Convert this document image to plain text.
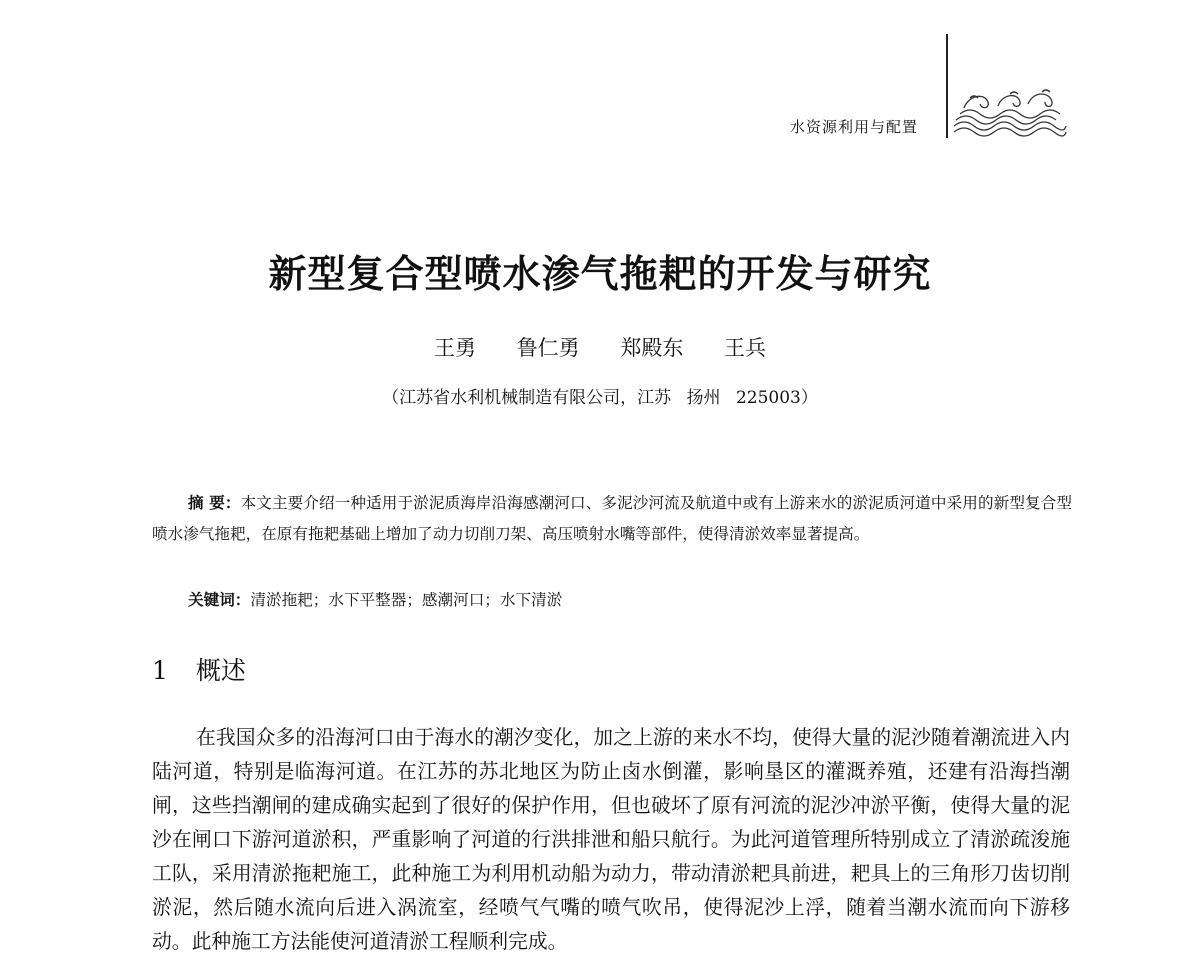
水资源利用与配置
新型复合型喷水渗气拖耙的开发与研究
王勇 鲁仁勇 郑殿东 王兵
（江苏省水利机械制造有限公司，江苏 扬州 225003）
摘 要：本文主要介绍一种适用于淤泥质海岸沿海感潮河口、多泥沙河流及航道中或有上游来水的淤泥质河道中采用的新型复合型喷水渗气拖耙，在原有拖耙基础上增加了动力切削刀架、高压喷射水嘴等部件，使得清淤效率显著提高。
关键词：清淤拖耙；水下平整器；感潮河口；水下清淤
1 概述
在我国众多的沿海河口由于海水的潮汐变化，加之上游的来水不均，使得大量的泥沙随着潮流进入内陆河道，特别是临海河道。在江苏的苏北地区为防止卤水倒灌，影响垦区的灌溉养殖，还建有沿海挡潮闸，这些挡潮闸的建成确实起到了很好的保护作用，但也破坏了原有河流的泥沙冲淤平衡，使得大量的泥沙在闸口下游河道淤积，严重影响了河道的行洪排泄和船只航行。为此河道管理所特别成立了清淤疏浚施工队，采用清淤拖耙施工，此种施工为利用机动船为动力，带动清淤耙具前进，耙具上的三角形刀齿切削淤泥，然后随水流向后进入涡流室，经喷气气嘴的喷气吹吊，使得泥沙上浮，随着当潮水流而向下游移动。此种施工方法能使河道清淤工程顺利完成。
